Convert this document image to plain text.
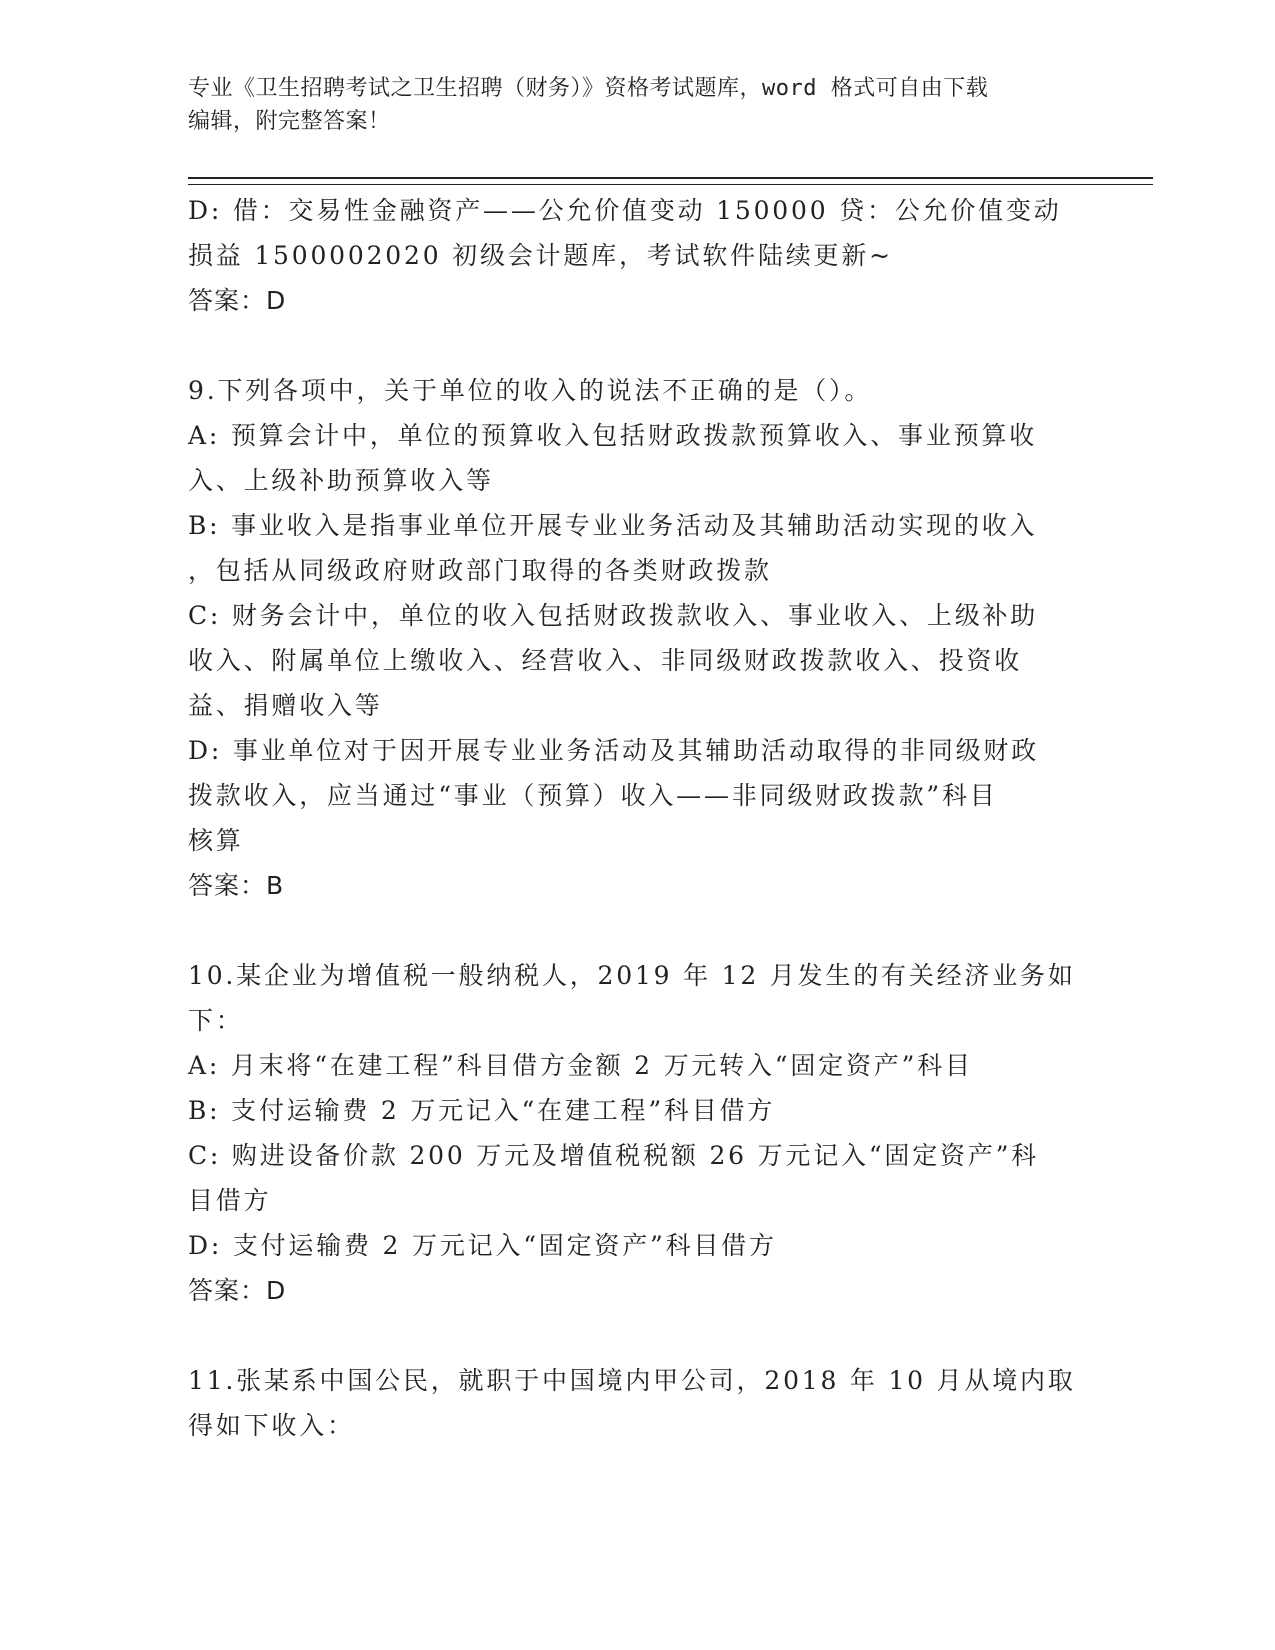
专业《卫生招聘考试之卫生招聘（财务）》资格考试题库，word 格式可自由下载
编辑，附完整答案！
D: 借：交易性金融资产——公允价值变动 150000 贷：公允价值变动
损益 1500002020 初级会计题库，考试软件陆续更新~
答案：D
9.下列各项中，关于单位的收入的说法不正确的是（）。
A: 预算会计中，单位的预算收入包括财政拨款预算收入、事业预算收
入、上级补助预算收入等
B: 事业收入是指事业单位开展专业业务活动及其辅助活动实现的收入
，包括从同级政府财政部门取得的各类财政拨款
C: 财务会计中，单位的收入包括财政拨款收入、事业收入、上级补助
收入、附属单位上缴收入、经营收入、非同级财政拨款收入、投资收
益、捐赠收入等
D: 事业单位对于因开展专业业务活动及其辅助活动取得的非同级财政
拨款收入，应当通过“事业（预算）收入——非同级财政拨款”科目
核算
答案：B
10.某企业为增值税一般纳税人，2019 年 12 月发生的有关经济业务如
下：
A: 月末将“在建工程”科目借方金额 2 万元转入“固定资产”科目
B: 支付运输费 2 万元记入“在建工程”科目借方
C: 购进设备价款 200 万元及增值税税额 26 万元记入“固定资产”科
目借方
D: 支付运输费 2 万元记入“固定资产”科目借方
答案：D
11.张某系中国公民，就职于中国境内甲公司，2018 年 10 月从境内取
得如下收入：
